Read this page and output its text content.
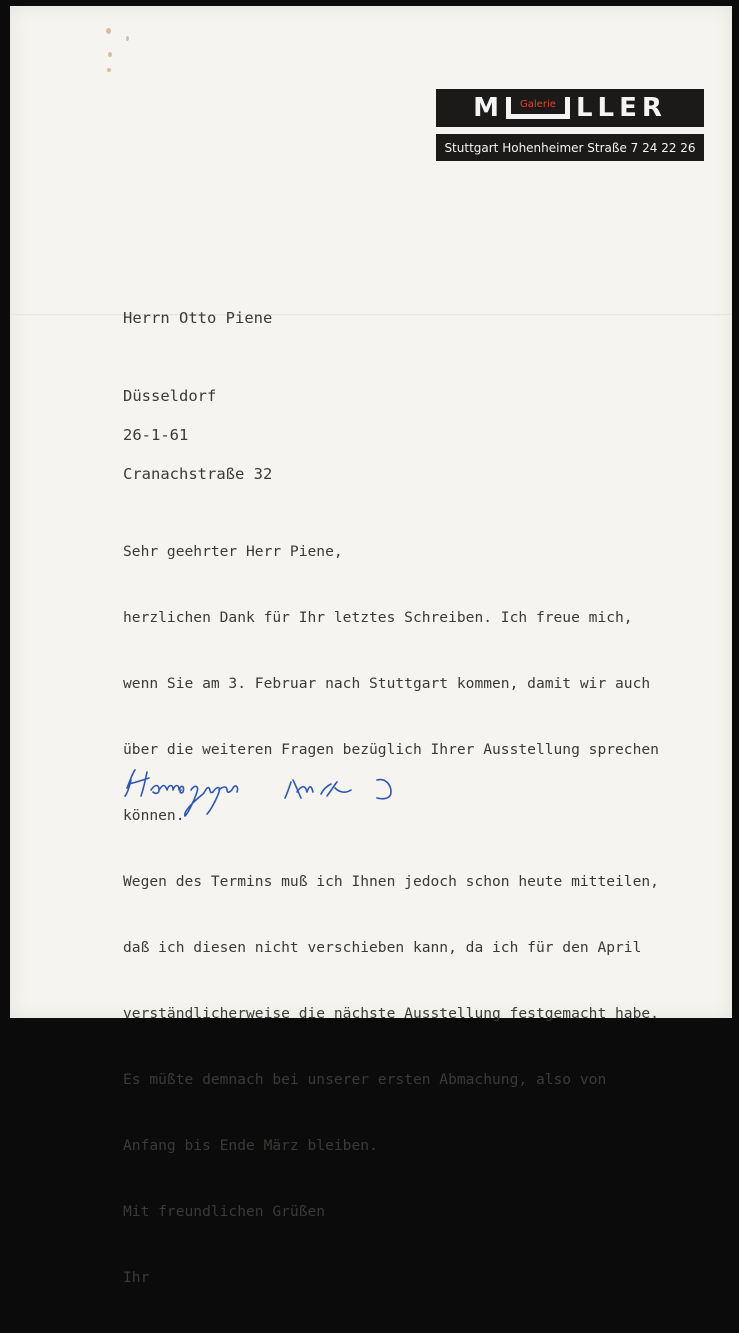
M	Galerie LLER
Stuttgart Hohenheimer Straße 7 24 22 26

Herrn Otto Piene

Düsseldorf

Cranachstraße 32

26-1-61

Sehr geehrter Herr Piene,

herzlichen Dank für Ihr letztes Schreiben. Ich freue mich,

wenn Sie am 3. Februar nach Stuttgart kommen, damit wir auch

über die weiteren Fragen bezüglich Ihrer Ausstellung sprechen

können.

Wegen des Termins muß ich Ihnen jedoch schon heute mitteilen,

daß ich diesen nicht verschieben kann, da ich für den April

verständlicherweise die nächste Ausstellung festgemacht habe.

Es müßte demnach bei unserer ersten Abmachung, also von

Anfang bis Ende März bleiben.

Mit freundlichen Grüßen

Ihr
